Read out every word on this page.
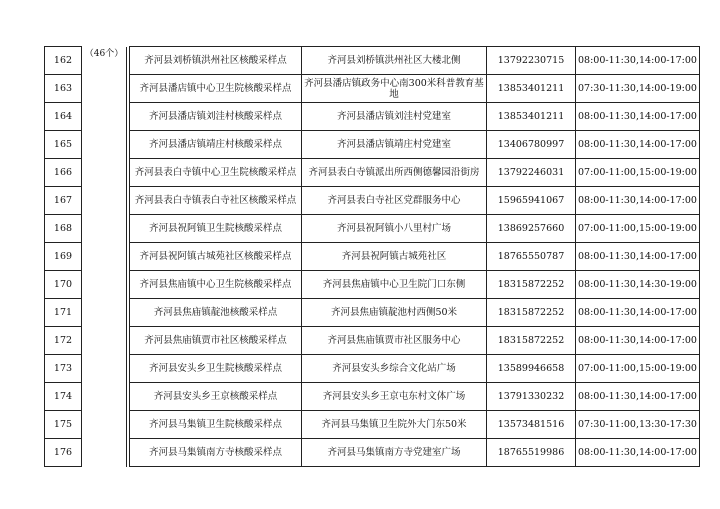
162	（46个）		齐河县刘桥镇洪州社区核酸采样点	齐河县刘桥镇洪州社区大楼北侧	13792230715	08:00-11:30,14:00-17:00
163			齐河县潘店镇中心卫生院核酸采样点	齐河县潘店镇政务中心南300米科普教育基地	13853401211	07:30-11:30,14:00-19:00
164			齐河县潘店镇刘洼村核酸采样点	齐河县潘店镇刘洼村党建室	13853401211	08:00-11:30,14:00-17:00
165			齐河县潘店镇靖庄村核酸采样点	齐河县潘店镇靖庄村党建室	13406780997	08:00-11:30,14:00-17:00
166			齐河县表白寺镇中心卫生院核酸采样点	齐河县表白寺镇派出所西侧德馨园沿街房	13792246031	07:00-11:00,15:00-19:00
167			齐河县表白寺镇表白寺社区核酸采样点	齐河县表白寺社区党群服务中心	15965941067	08:00-11:30,14:00-17:00
168			齐河县祝阿镇卫生院核酸采样点	齐河县祝阿镇小八里村广场	13869257660	07:00-11:00,15:00-19:00
169			齐河县祝阿镇古城苑社区核酸采样点	齐河县祝阿镇古城苑社区	18765550787	08:00-11:30,14:00-17:00
170			齐河县焦庙镇中心卫生院核酸采样点	齐河县焦庙镇中心卫生院门口东侧	18315872252	08:00-11:30,14:30-19:00
171			齐河县焦庙镇靛池核酸采样点	齐河县焦庙镇靛池村西侧50米	18315872252	08:00-11:30,14:00-17:00
172			齐河县焦庙镇贾市社区核酸采样点	齐河县焦庙镇贾市社区服务中心	18315872252	08:00-11:30,14:00-17:00
173			齐河县安头乡卫生院核酸采样点	齐河县安头乡综合文化站广场	13589946658	07:00-11:00,15:00-19:00
174			齐河县安头乡王京核酸采样点	齐河县安头乡王京屯东村文体广场	13791330232	08:00-11:30,14:00-17:00
175			齐河县马集镇卫生院核酸采样点	齐河县马集镇卫生院外大门东50米	13573481516	07:30-11:00,13:30-17:30
176			齐河县马集镇南方寺核酸采样点	齐河县马集镇南方寺党建室广场	18765519986	08:00-11:30,14:00-17:00
